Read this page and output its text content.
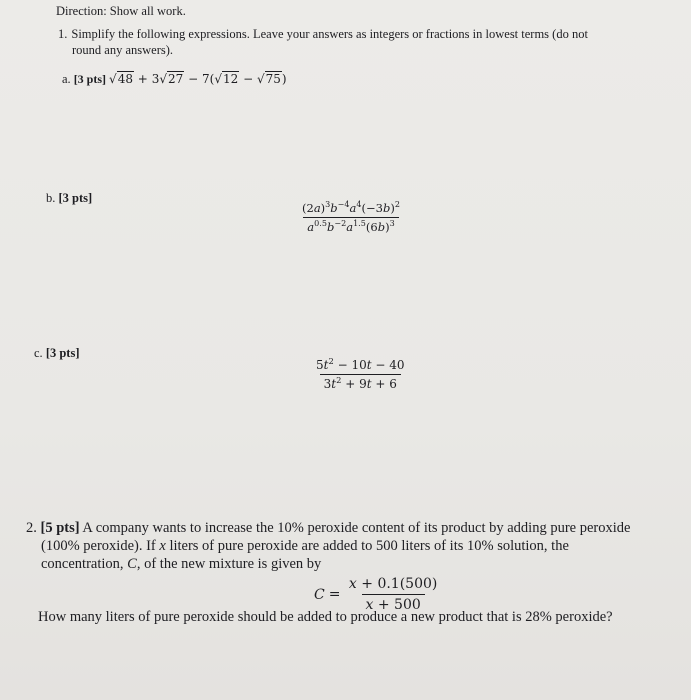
Direction: Show all work.
1. Simplify the following expressions. Leave your answers as integers or fractions in lowest terms (do not
round any answers).
a. [3 pts] √48 + 3√27 − 7(√12 − √75)
b. [3 pts]
$\frac{(2a)^3b^{-4}a^4(-3b)^2}{a^{0.5}b^{-2}a^{1.5}(6b)^3}$
c. [3 pts]
$\frac{5t^2 - 10t - 40}{3t^2 + 9t + 6}$
2. [5 pts] A company wants to increase the 10% peroxide content of its product by adding pure peroxide
(100% peroxide). If x liters of pure peroxide are added to 500 liters of its 10% solution, the
concentration, C, of the new mixture is given by
$C = \frac{x + 0.1(500)}{x + 500}$
How many liters of pure peroxide should be added to produce a new product that is 28% peroxide?
